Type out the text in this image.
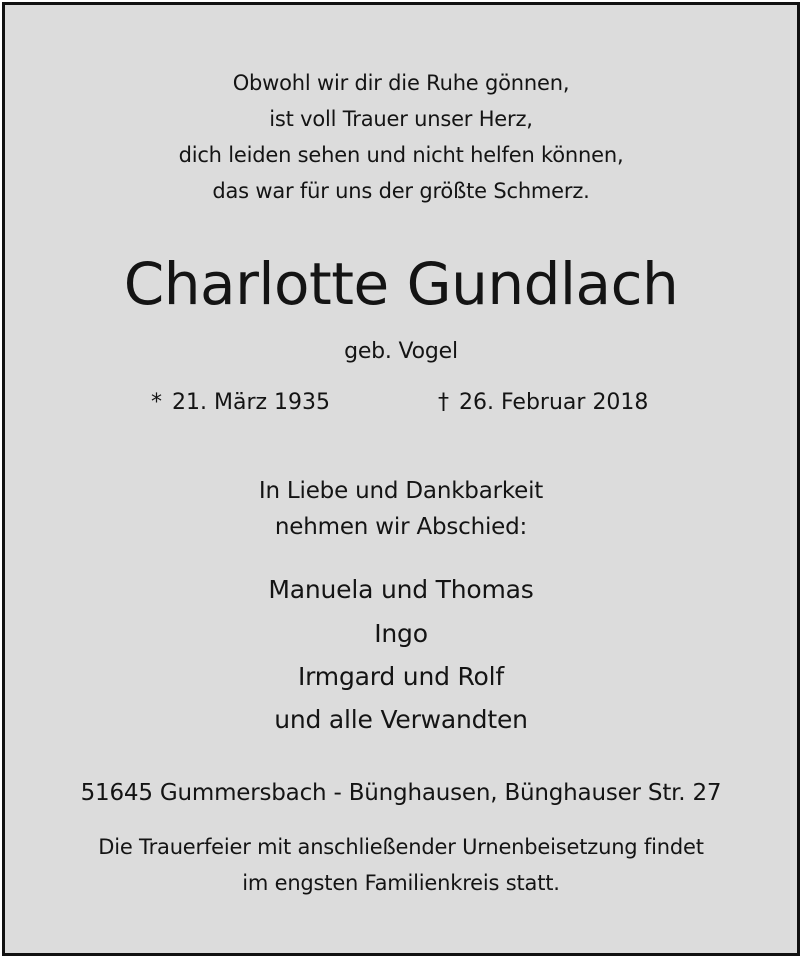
Obwohl wir dir die Ruhe gönnen,
ist voll Trauer unser Herz,
dich leiden sehen und nicht helfen können,
das war für uns der größte Schmerz.
Charlotte Gundlach
geb. Vogel
* 21. März 1935	† 26. Februar 2018
In Liebe und Dankbarkeit
nehmen wir Abschied:
Manuela und Thomas
Ingo
Irmgard und Rolf
und alle Verwandten
51645 Gummersbach - Bünghausen, Bünghauser Str. 27
Die Trauerfeier mit anschließender Urnenbeisetzung findet
im engsten Familienkreis statt.
